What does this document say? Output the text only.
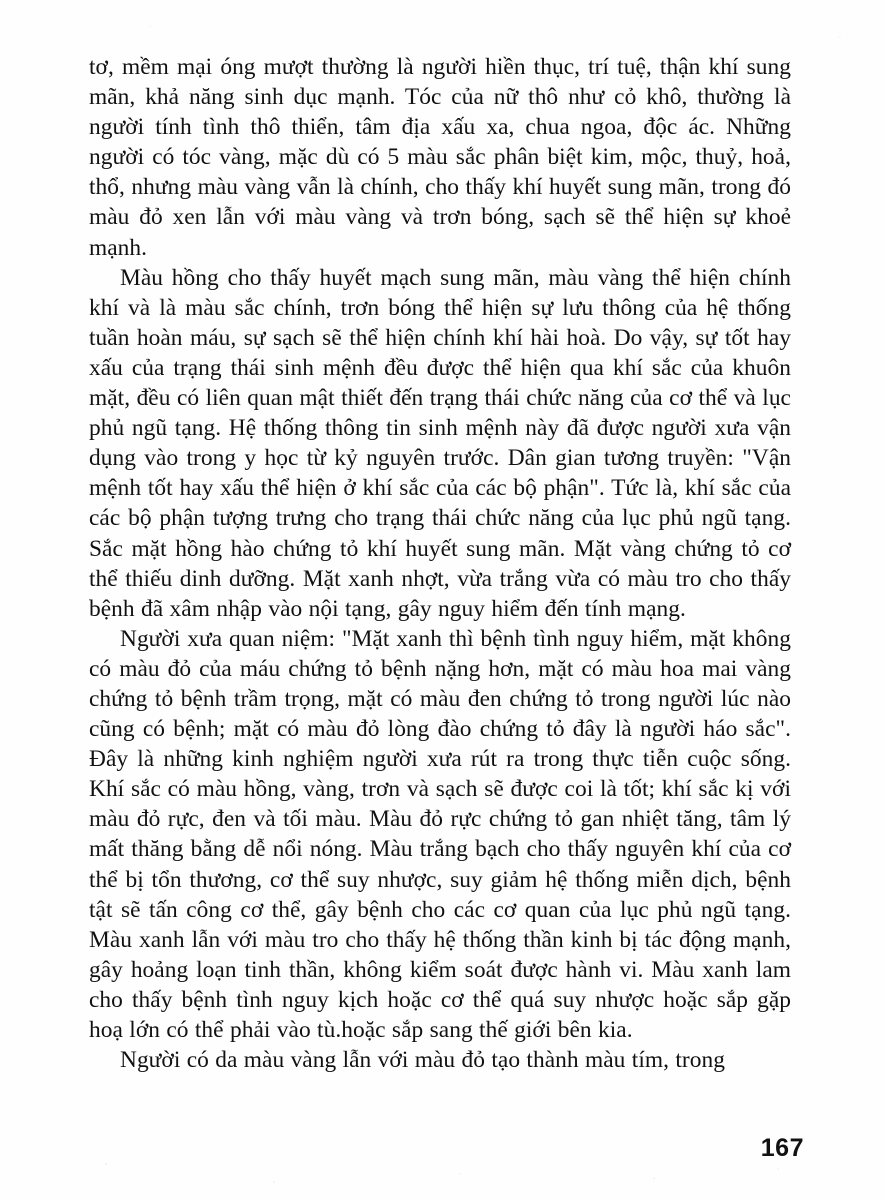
tơ, mềm mại óng mượt thường là người hiền thục, trí tuệ, thận khí sung mãn, khả năng sinh dục mạnh. Tóc của nữ thô như cỏ khô, thường là người tính tình thô thiển, tâm địa xấu xa, chua ngoa, độc ác. Những người có tóc vàng, mặc dù có 5 màu sắc phân biệt kim, mộc, thuỷ, hoả, thổ, nhưng màu vàng vẫn là chính, cho thấy khí huyết sung mãn, trong đó màu đỏ xen lẫn với màu vàng và trơn bóng, sạch sẽ thể hiện sự khoẻ mạnh.

Màu hồng cho thấy huyết mạch sung mãn, màu vàng thể hiện chính khí và là màu sắc chính, trơn bóng thể hiện sự lưu thông của hệ thống tuần hoàn máu, sự sạch sẽ thể hiện chính khí hài hoà. Do vậy, sự tốt hay xấu của trạng thái sinh mệnh đều được thể hiện qua khí sắc của khuôn mặt, đều có liên quan mật thiết đến trạng thái chức năng của cơ thể và lục phủ ngũ tạng. Hệ thống thông tin sinh mệnh này đã được người xưa vận dụng vào trong y học từ kỷ nguyên trước. Dân gian tương truyền: "Vận mệnh tốt hay xấu thể hiện ở khí sắc của các bộ phận". Tức là, khí sắc của các bộ phận tượng trưng cho trạng thái chức năng của lục phủ ngũ tạng. Sắc mặt hồng hào chứng tỏ khí huyết sung mãn. Mặt vàng chứng tỏ cơ thể thiếu dinh dưỡng. Mặt xanh nhợt, vừa trắng vừa có màu tro cho thấy bệnh đã xâm nhập vào nội tạng, gây nguy hiểm đến tính mạng.

Người xưa quan niệm: "Mặt xanh thì bệnh tình nguy hiểm, mặt không có màu đỏ của máu chứng tỏ bệnh nặng hơn, mặt có màu hoa mai vàng chứng tỏ bệnh trầm trọng, mặt có màu đen chứng tỏ trong người lúc nào cũng có bệnh; mặt có màu đỏ lòng đào chứng tỏ đây là người háo sắc". Đây là những kinh nghiệm người xưa rút ra trong thực tiễn cuộc sống. Khí sắc có màu hồng, vàng, trơn và sạch sẽ được coi là tốt; khí sắc kị với màu đỏ rực, đen và tối màu. Màu đỏ rực chứng tỏ gan nhiệt tăng, tâm lý mất thăng bằng dễ nổi nóng. Màu trắng bạch cho thấy nguyên khí của cơ thể bị tổn thương, cơ thể suy nhược, suy giảm hệ thống miễn dịch, bệnh tật sẽ tấn công cơ thể, gây bệnh cho các cơ quan của lục phủ ngũ tạng. Màu xanh lẫn với màu tro cho thấy hệ thống thần kinh bị tác động mạnh, gây hoảng loạn tinh thần, không kiểm soát được hành vi. Màu xanh lam cho thấy bệnh tình nguy kịch hoặc cơ thể quá suy nhược hoặc sắp gặp hoạ lớn có thể phải vào tù.hoặc sắp sang thế giới bên kia.

Người có da màu vàng lẫn với màu đỏ tạo thành màu tím, trong

167
